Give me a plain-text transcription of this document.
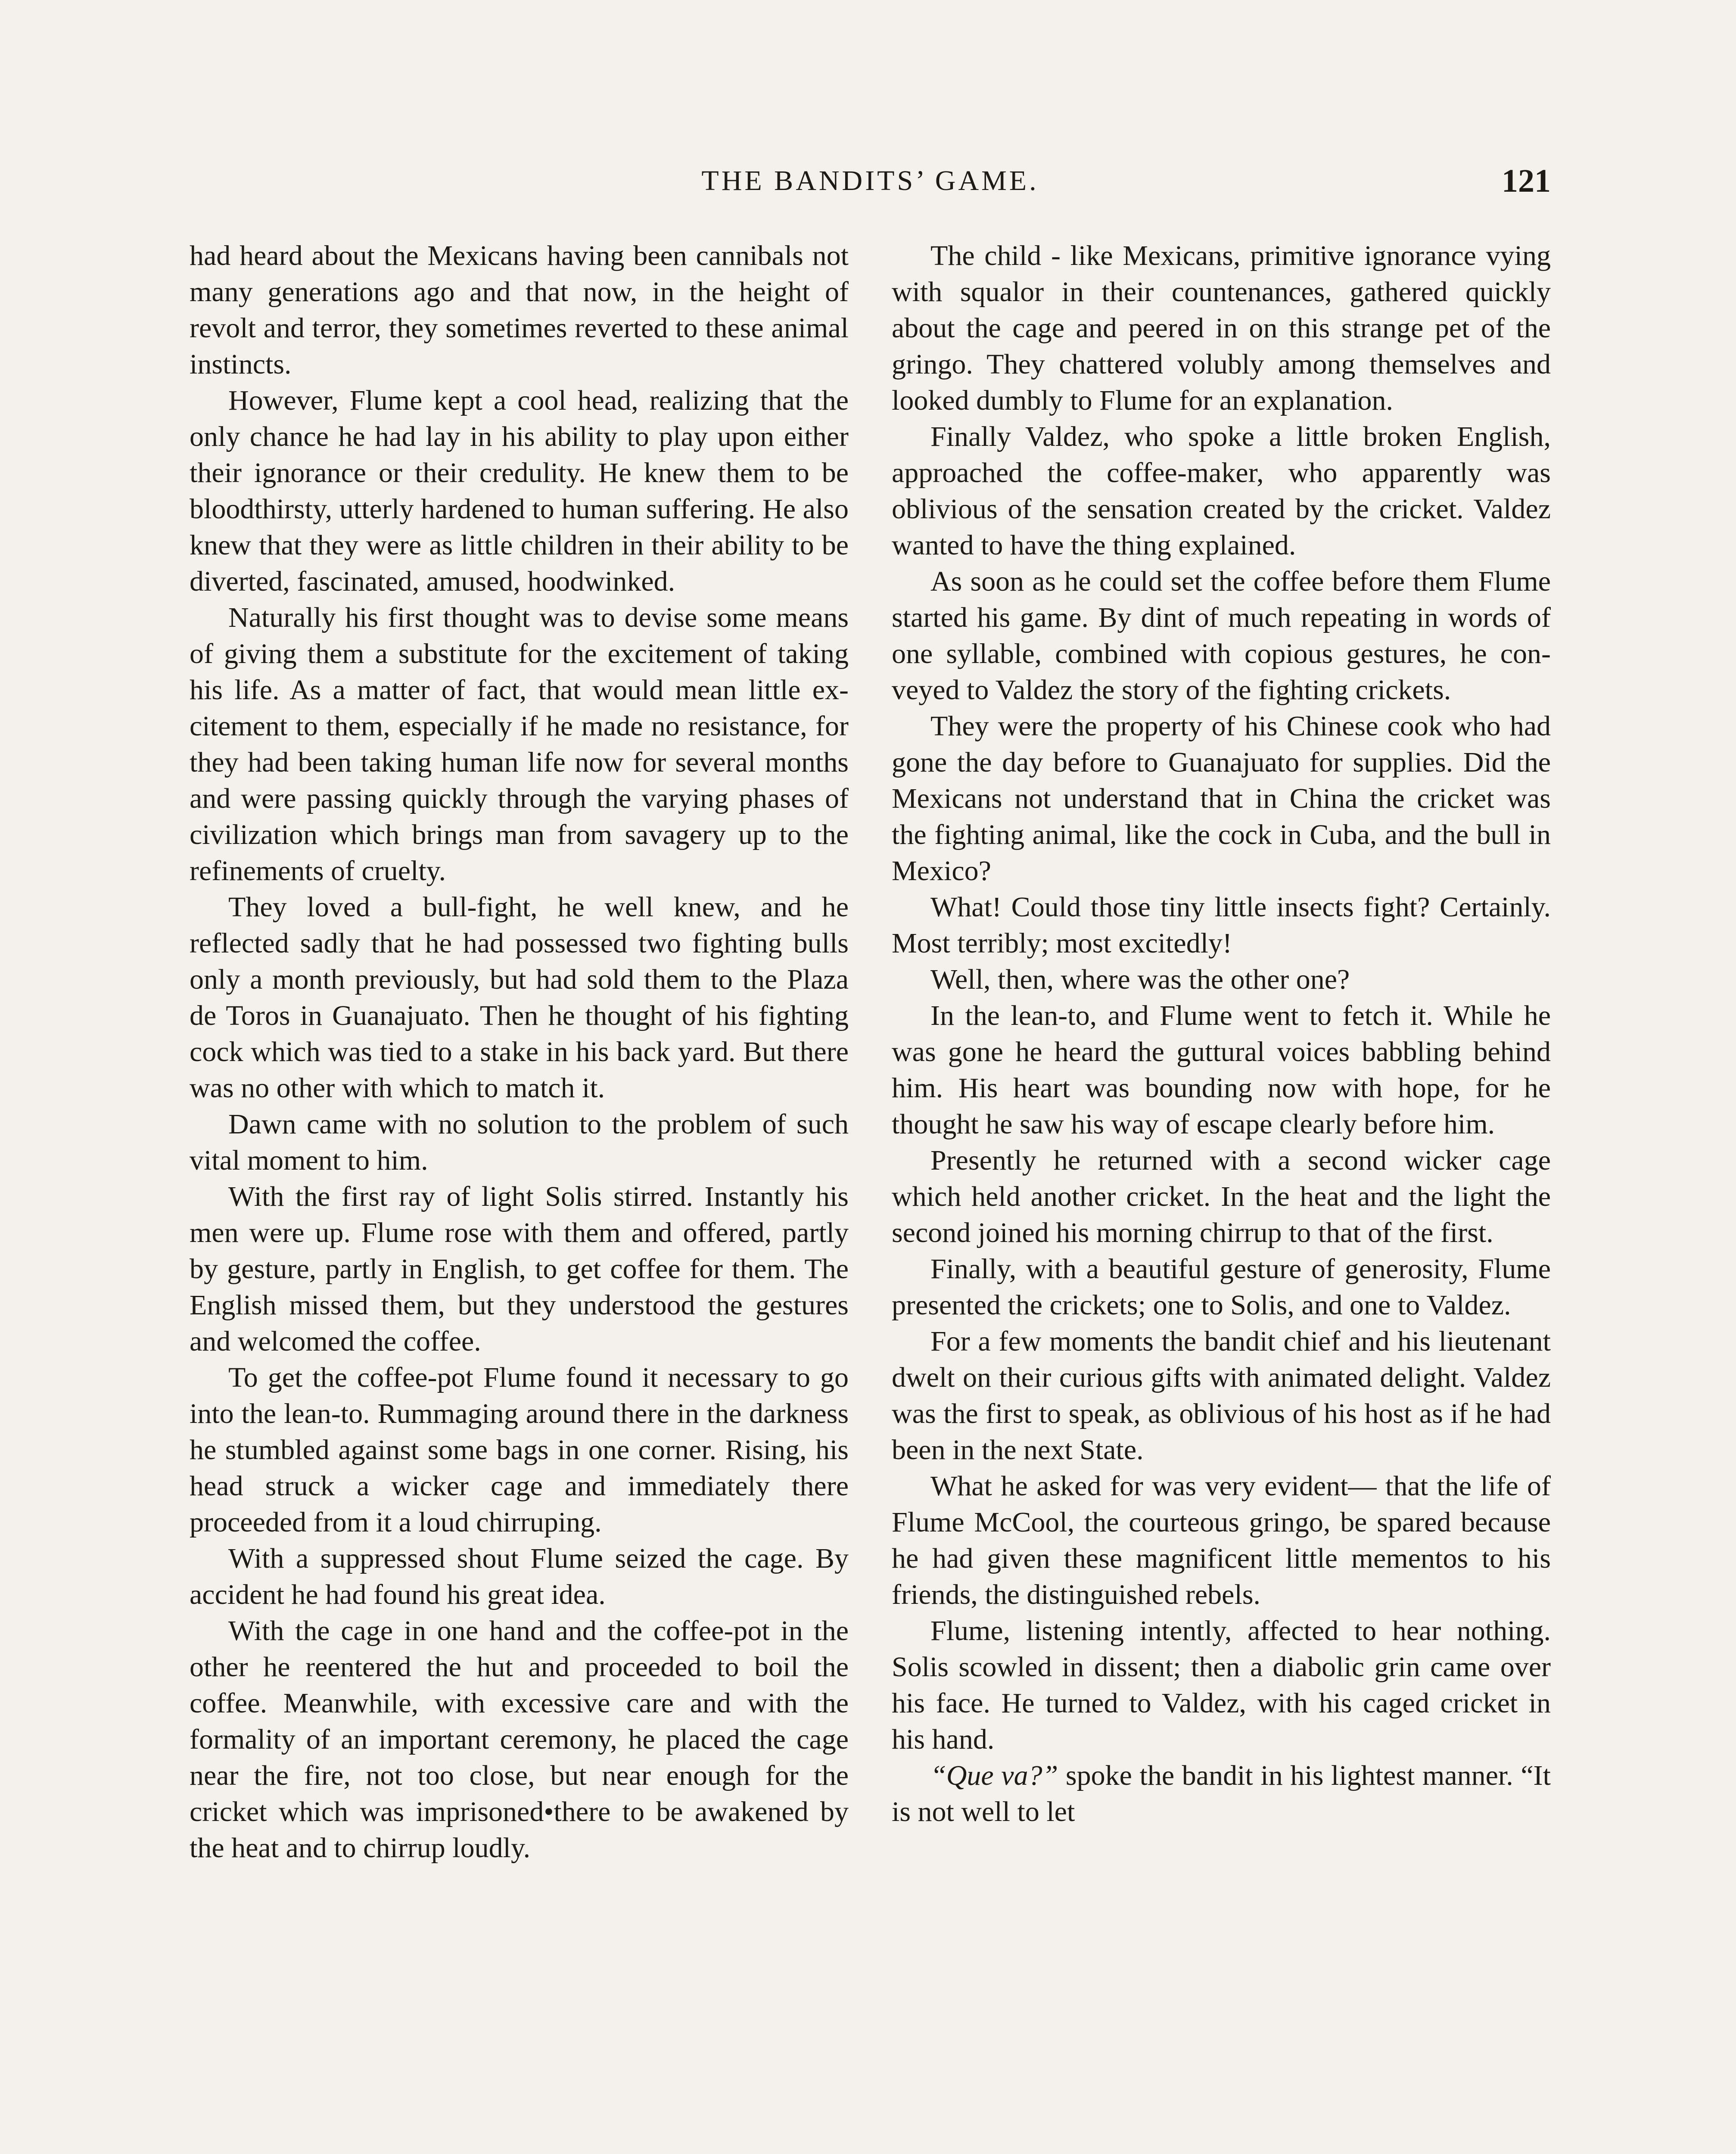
THE BANDITS’ GAME.	121

had heard about the Mexicans having been cannibals not many generations ago and that now, in the height of revolt and terror, they sometimes reverted to these animal instincts.

However, Flume kept a cool head, realizing that the only chance he had lay in his ability to play upon either their ignorance or their credulity. He knew them to be bloodthirsty, utterly hardened to human suffering. He also knew that they were as little children in their ability to be diverted, fascinated, amused, hoodwinked.

Naturally his first thought was to devise some means of giving them a substitute for the excitement of taking his life. As a matter of fact, that would mean little excitement to them, especially if he made no resistance, for they had been taking human life now for several months and were passing quickly through the varying phases of civilization which brings man from savagery up to the refinements of cruelty.

They loved a bull-fight, he well knew, and he reflected sadly that he had possessed two fighting bulls only a month previously, but had sold them to the Plaza de Toros in Guanajuato. Then he thought of his fighting cock which was tied to a stake in his back yard. But there was no other with which to match it.

Dawn came with no solution to the problem of such vital moment to him.

With the first ray of light Solis stirred. Instantly his men were up. Flume rose with them and offered, partly by gesture, partly in English, to get coffee for them. The English missed them, but they understood the gestures and welcomed the coffee.

To get the coffee-pot Flume found it necessary to go into the lean-to. Rummaging around there in the darkness he stumbled against some bags in one corner. Rising, his head struck a wicker cage and immediately there proceeded from it a loud chirruping.

With a suppressed shout Flume seized the cage. By accident he had found his great idea.

With the cage in one hand and the coffee-pot in the other he reentered the hut and proceeded to boil the coffee. Meanwhile, with excessive care and with the formality of an important ceremony, he placed the cage near the fire, not too close, but near enough for the cricket which was imprisoned•there to be awakened by the heat and to chirrup loudly.

The child - like Mexicans, primitive ignorance vying with squalor in their countenances, gathered quickly about the cage and peered in on this strange pet of the gringo. They chattered volubly among themselves and looked dumbly to Flume for an explanation.

Finally Valdez, who spoke a little broken English, approached the coffee-maker, who apparently was oblivious of the sensation created by the cricket. Valdez wanted to have the thing explained.

As soon as he could set the coffee before them Flume started his game. By dint of much repeating in words of one syllable, combined with copious gestures, he conveyed to Valdez the story of the fighting crickets.

They were the property of his Chinese cook who had gone the day before to Guanajuato for supplies. Did the Mexicans not understand that in China the cricket was the fighting animal, like the cock in Cuba, and the bull in Mexico?

What! Could those tiny little insects fight? Certainly. Most terribly; most excitedly!

Well, then, where was the other one?

In the lean-to, and Flume went to fetch it. While he was gone he heard the guttural voices babbling behind him. His heart was bounding now with hope, for he thought he saw his way of escape clearly before him.

Presently he returned with a second wicker cage which held another cricket. In the heat and the light the second joined his morning chirrup to that of the first.

Finally, with a beautiful gesture of generosity, Flume presented the crickets; one to Solis, and one to Valdez.

For a few moments the bandit chief and his lieutenant dwelt on their curious gifts with animated delight. Valdez was the first to speak, as oblivious of his host as if he had been in the next State.

What he asked for was very evident— that the life of Flume McCool, the courteous gringo, be spared because he had given these magnificent little mementos to his friends, the distinguished rebels.

Flume, listening intently, affected to hear nothing. Solis scowled in dissent; then a diabolic grin came over his face. He turned to Valdez, with his caged cricket in his hand.

“Que va?” spoke the bandit in his lightest manner. “It is not well to let
